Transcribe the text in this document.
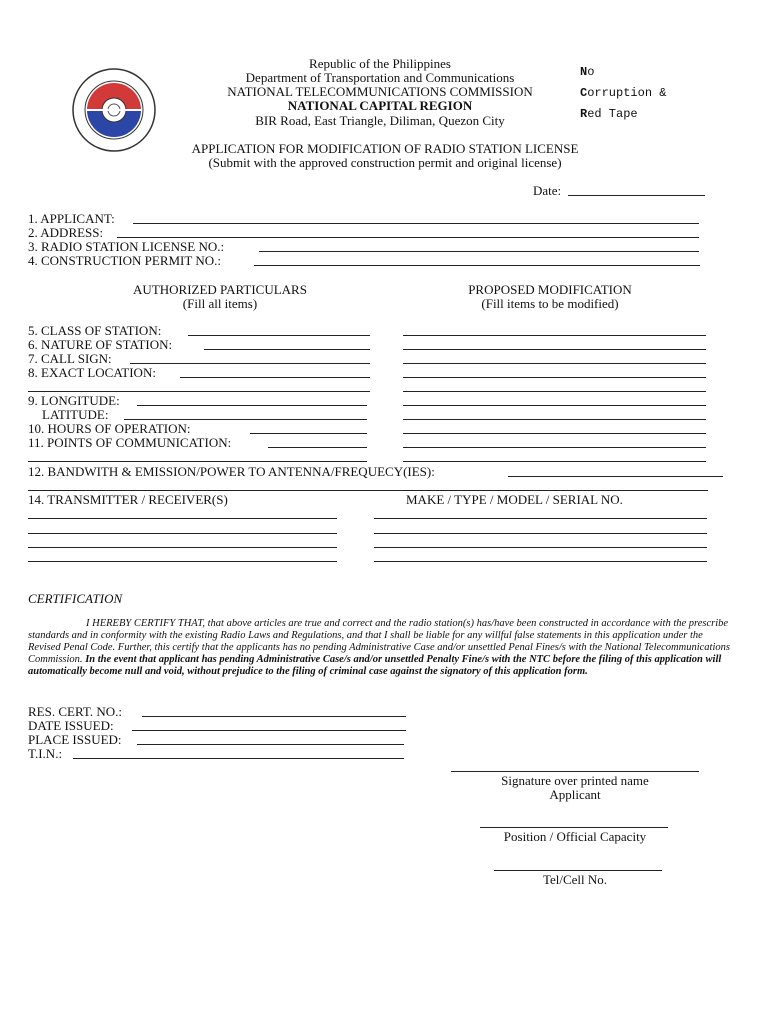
Republic of the Philippines
Department of Transportation and Communications
NATIONAL TELECOMMUNICATIONS COMMISSION
NATIONAL CAPITAL REGION
BIR Road, East Triangle, Diliman, Quezon City
No
Corruption &
Red Tape
APPLICATION FOR MODIFICATION OF RADIO STATION LICENSE
(Submit with the approved construction permit and original license)
Date:
1. APPLICANT:
2. ADDRESS:
3. RADIO STATION LICENSE NO.:
4. CONSTRUCTION PERMIT NO.:
AUTHORIZED PARTICULARS
(Fill all items)
PROPOSED MODIFICATION
(Fill items to be modified)
5. CLASS OF STATION:
6. NATURE OF STATION:
7. CALL SIGN:
8. EXACT LOCATION:
9. LONGITUDE:
LATITUDE:
10. HOURS OF OPERATION:
11. POINTS OF COMMUNICATION:
12. BANDWITH & EMISSION/POWER TO ANTENNA/FREQUECY(IES):
14. TRANSMITTER / RECEIVER(S)	MAKE / TYPE / MODEL / SERIAL NO.
CERTIFICATION
I HEREBY CERTIFY THAT, that above articles are true and correct and the radio station(s) has/have been constructed in accordance with the prescribe standards and in conformity with the existing Radio Laws and Regulations, and that I shall be liable for any willful false statements in this application under the Revised Penal Code. Further, this certify that the applicants has no pending Administrative Case and/or unsettled Penal Fines/s with the National Telecommunications Commission. In the event that applicant has pending Administrative Case/s and/or unsettled Penalty Fine/s with the NTC before the filing of this application will automatically become null and void, without prejudice to the filing of criminal case against the signatory of this application form.
RES. CERT. NO.:
DATE ISSUED:
PLACE ISSUED:
T.I.N.:
Signature over printed name
Applicant
Position / Official Capacity
Tel/Cell No.
